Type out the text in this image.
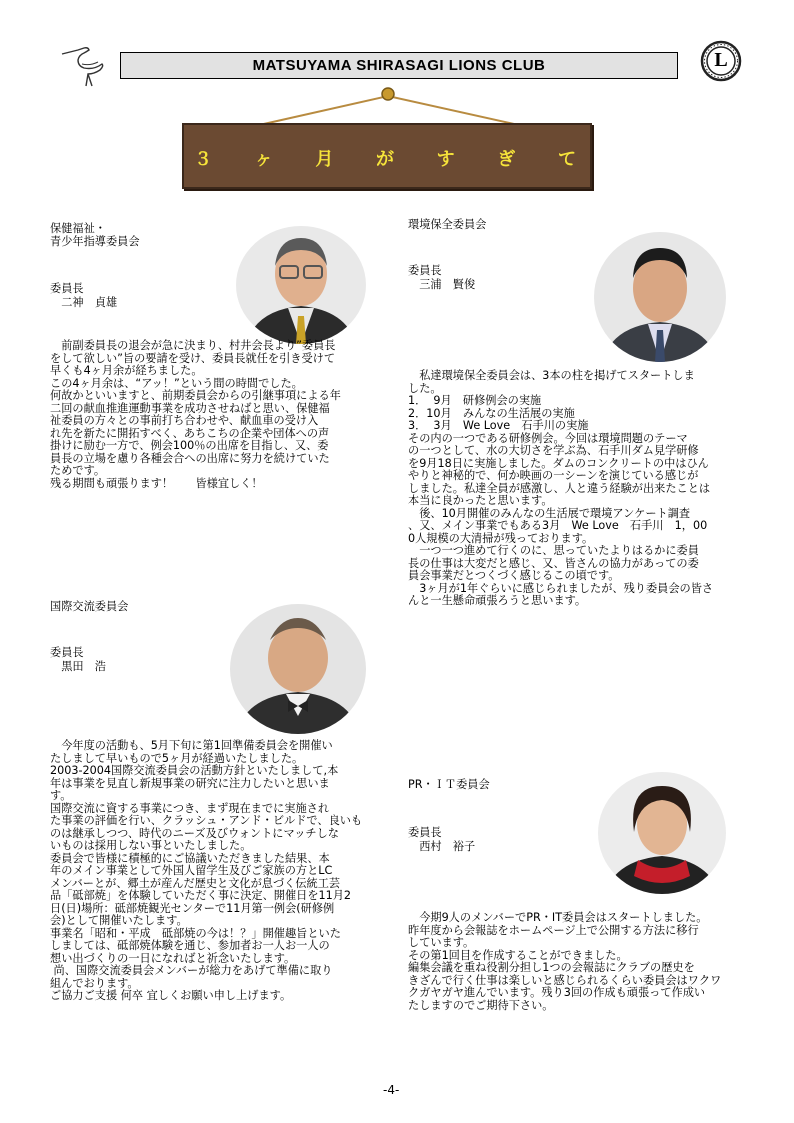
MATSUYAMA SHIRASAGI LIONS CLUB	L
３ ヶ 月 が す ぎ て
保健福祉・
青少年指導委員会
委員長
　二神　貞雄
　前副委員長の退会が急に決まり、村井会長より”委員長
をして欲しい”旨の要請を受け、委員長就任を引き受けて
早くも4ヶ月余が経ちました。
この4ヶ月余は、“アッ！”という間の時間でした。
何故かといいますと、前期委員会からの引継事項による年
二回の献血推進運動事業を成功させねばと思い、保健福
祉委員の方々との事前打ち合わせや、献血車の受け入
れ先を新たに開拓すべく、あちこちの企業や団体への声
掛けに励む一方で、例会100％の出席を目指し、又、委
員長の立場を慮り各種会合への出席に努力を続けていた
ためです。
残る期間も頑張ります！　　皆様宜しく！
環境保全委員会
委員長
　三浦　賢俊
　私達環境保全委員会は、3本の柱を掲げてスタートしま
した。
1．  9月　研修例会の実施
2．10月　みんなの生活展の実施
3．  3月　We Love　石手川の実施
その内の一つである研修例会。今回は環境問題のテーマ
の一つとして、水の大切さを学ぶ為、石手川ダム見学研修
を9月18日に実施しました。ダムのコンクリートの中はひん
やりと神秘的で、何か映画の一シーンを演じている感じが
しました。私達全員が感激し、人と違う経験が出来たことは
本当に良かったと思います。
　後、10月開催のみんなの生活展で環境アンケート調査
、又、メイン事業でもある3月　We Love　石手川　1，00
0人規模の大清掃が残っております。
　一つ一つ進めて行くのに、思っていたよりはるかに委員
長の仕事は大変だと感じ、又、皆さんの協力があっての委
員会事業だとつくづく感じるこの頃です。
　3ヶ月が1年ぐらいに感じられましたが、残り委員会の皆さ
んと一生懸命頑張ろうと思います。
国際交流委員会
委員長
　黒田　浩
　今年度の活動も、5月下旬に第1回準備委員会を開催い
たしまして早いもので5ヶ月が経過いたしました。
2003-2004国際交流委員会の活動方針といたしまして,本
年は事業を見直し新規事業の研究に注力したいと思いま
す。
国際交流に資する事業につき、まず現在までに実施され
た事業の評価を行い、クラッシュ・アンド・ビルドで、良いも
のは継承しつつ、時代のニーズ及びウォントにマッチしな
いものは採用しない事といたしました。
委員会で皆様に積極的にご協議いただきました結果、本
年のメイン事業として外国人留学生及びご家族の方とLC
メンバーとが、郷土が産んだ歴史と文化が息づく伝統工芸
品「砥部焼」を体験していただく事に決定、開催日を11月2
日(日)場所：砥部焼観光センターで11月第一例会(研修例
会)として開催いたします。
事業名「昭和・平成　砥部焼の今は！？」開催趣旨といた
しましては、砥部焼体験を通じ、参加者お一人お一人の
想い出づくりの一日になればと祈念いたします。
尚、国際交流委員会メンバーが総力をあげて準備に取り
組んでおります。
ご協力ご支援 何卒 宜しくお願い申し上げます。
PR・ＩＴ委員会
委員長
　西村　裕子
　今期9人のメンバーでPR・IT委員会はスタートしました。
昨年度から会報誌をホームページ上で公開する方法に移行
しています。
その第1回目を作成することができました。
編集会議を重ね役割分担し1つの会報誌にクラブの歴史を
きざんで行く仕事は楽しいと感じられるくらい委員会はワクワ
クガヤガヤ進んでいます。残り3回の作成も頑張って作成い
たしますのでご期待下さい。
-4-
